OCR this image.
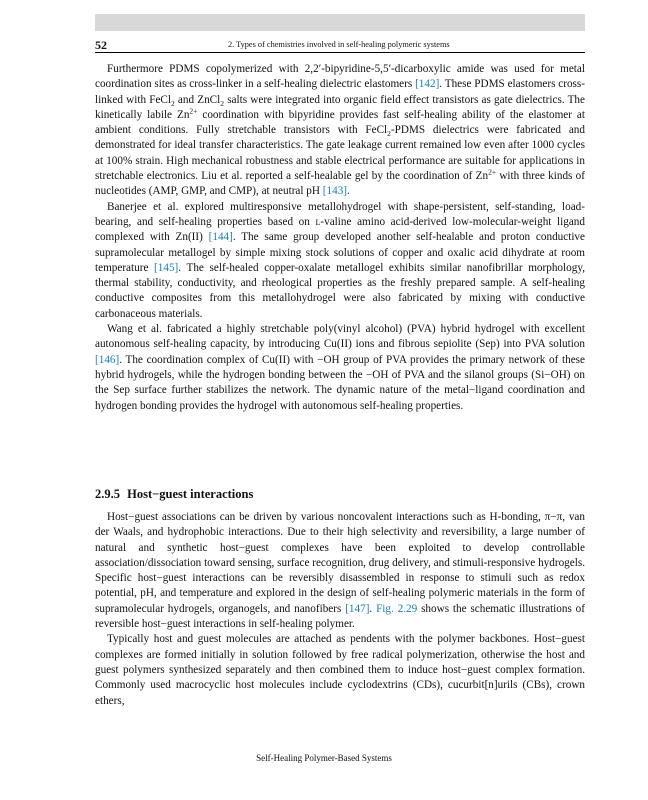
52	2. Types of chemistries involved in self-healing polymeric systems

Furthermore PDMS copolymerized with 2,2′-bipyridine-5,5′-dicarboxylic amide was used for metal coordination sites as cross-linker in a self-healing dielectric elastomers [142]. These PDMS elastomers cross-linked with FeCl$_2$ and ZnCl$_2$ salts were integrated into organic field effect transistors as gate dielectrics. The kinetically labile $Zn^{2+}$ coordination with bipyridine provides fast self-healing ability of the elastomer at ambient conditions. Fully stretchable transistors with FeCl$_2$-PDMS dielectrics were fabricated and demonstrated for ideal transfer characteristics. The gate leakage current remained low even after 1000 cycles at 100% strain. High mechanical robustness and stable electrical performance are suitable for applications in stretchable electronics. Liu et al. reported a self-healable gel by the coordination of $Zn^{2+}$ with three kinds of nucleotides (AMP, GMP, and CMP), at neutral pH [143].

Banerjee et al. explored multiresponsive metallohydrogel with shape-persistent, self-standing, load-bearing, and self-healing properties based on l-valine amino acid-derived low-molecular-weight ligand complexed with Zn(II) [144]. The same group developed another self-healable and proton conductive supramolecular metallogel by simple mixing stock solutions of copper and oxalic acid dihydrate at room temperature [145]. The self-healed copper-oxalate metallogel exhibits similar nanofibrillar morphology, thermal stability, conductivity, and rheological properties as the freshly prepared sample. A self-healing conductive composites from this metallohydrogel were also fabricated by mixing with conductive carbonaceous materials.

Wang et al. fabricated a highly stretchable poly(vinyl alcohol) (PVA) hybrid hydrogel with excellent autonomous self-healing capacity, by introducing Cu(II) ions and fibrous sepiolite (Sep) into PVA solution [146]. The coordination complex of Cu(II) with −OH group of PVA provides the primary network of these hybrid hydrogels, while the hydrogen bonding between the −OH of PVA and the silanol groups (Si−OH) on the Sep surface further stabilizes the network. The dynamic nature of the metal−ligand coordination and hydrogen bonding provides the hydrogel with autonomous self-healing properties.

2.9.5 Host−guest interactions

Host−guest associations can be driven by various noncovalent interactions such as H-bonding, π−π, van der Waals, and hydrophobic interactions. Due to their high selectivity and reversibility, a large number of natural and synthetic host−guest complexes have been exploited to develop controllable association/dissociation toward sensing, surface recognition, drug delivery, and stimuli-responsive hydrogels. Specific host−guest interactions can be reversibly disassembled in response to stimuli such as redox potential, pH, and temperature and explored in the design of self-healing polymeric materials in the form of supramolecular hydrogels, organogels, and nanofibers [147]. Fig. 2.29 shows the schematic illustrations of reversible host−guest interactions in self-healing polymer.

Typically host and guest molecules are attached as pendents with the polymer backbones. Host−guest complexes are formed initially in solution followed by free radical polymerization, otherwise the host and guest polymers synthesized separately and then combined them to induce host−guest complex formation. Commonly used macrocyclic host molecules include cyclodextrins (CDs), cucurbit[n]urils (CBs), crown ethers,

Self-Healing Polymer-Based Systems
